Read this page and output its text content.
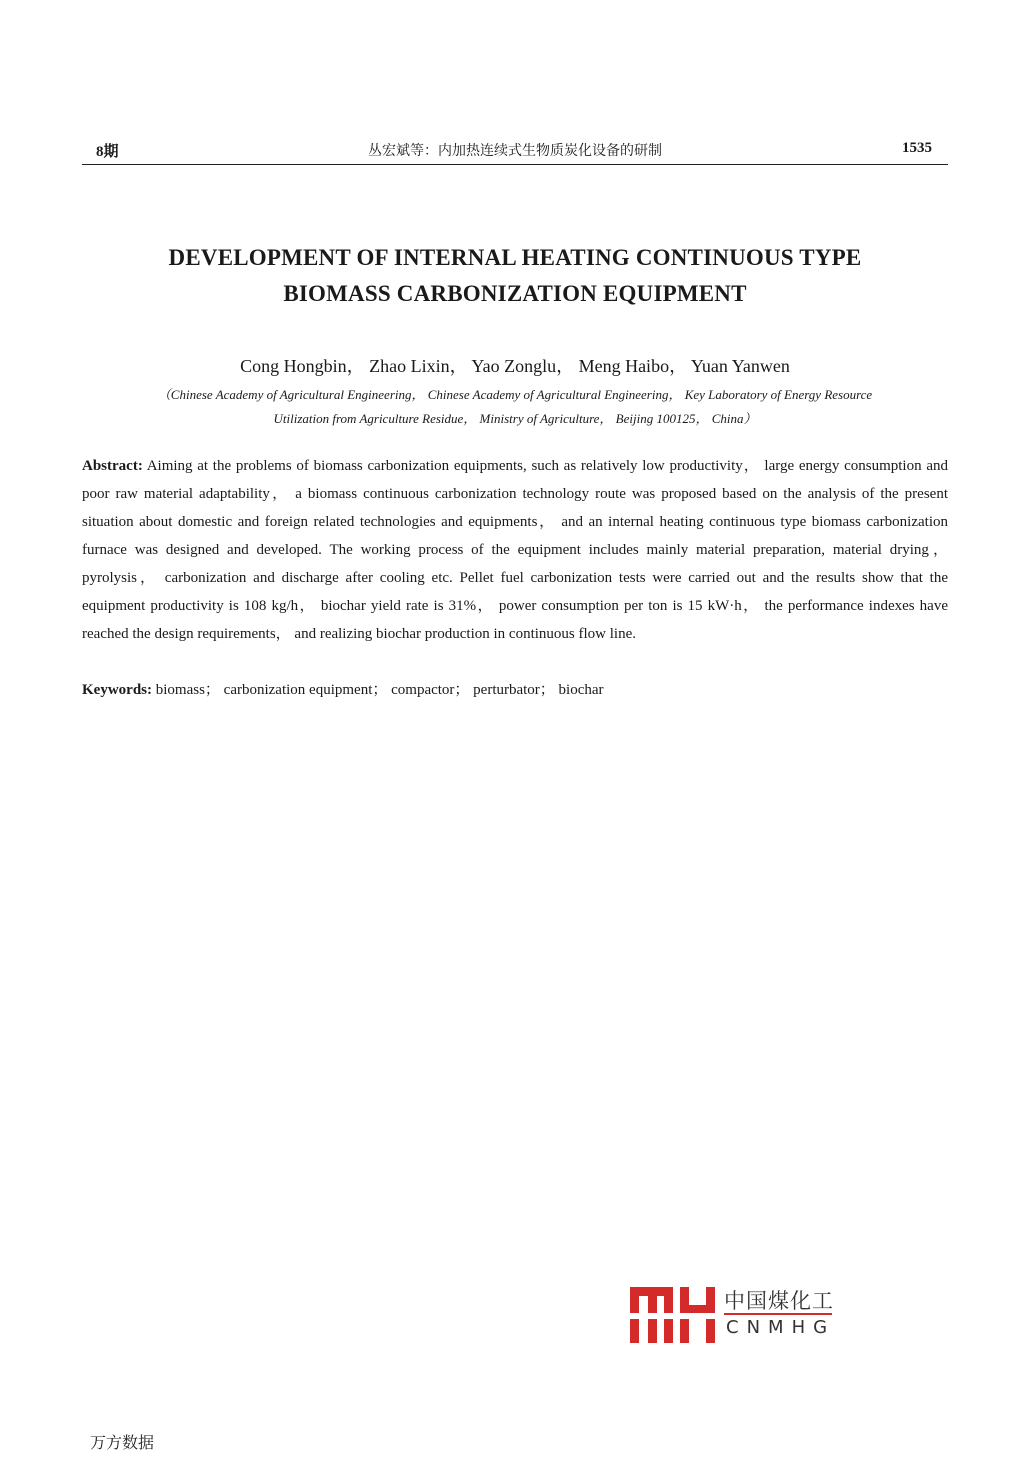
8期	丛宏斌等：内加热连续式生物质炭化设备的研制	1535
DEVELOPMENT OF INTERNAL HEATING CONTINUOUS TYPE
BIOMASS CARBONIZATION EQUIPMENT
Cong Hongbin， Zhao Lixin， Yao Zonglu， Meng Haibo， Yuan Yanwen
（Chinese Academy of Agricultural Engineering， Chinese Academy of Agricultural Engineering， Key Laboratory of Energy Resource
Utilization from Agriculture Residue， Ministry of Agriculture， Beijing 100125， China）
Abstract: Aiming at the problems of biomass carbonization equipments, such as relatively low productivity， large energy consumption and poor raw material adaptability， a biomass continuous carbonization technology route was proposed based on the analysis of the present situation about domestic and foreign related technologies and equipments， and an internal heating continuous type biomass carbonization furnace was designed and developed. The working process of the equipment includes mainly material preparation, material drying， pyrolysis， carbonization and discharge after cooling etc. Pellet fuel carbonization tests were carried out and the results show that the equipment productivity is 108 kg/h， biochar yield rate is 31%， power consumption per ton is 15 kW·h， the performance indexes have reached the design requirements， and realizing biochar production in continuous flow line.
Keywords: biomass； carbonization equipment； compactor； perturbator； biochar
中国煤化工
CNMHG
万方数据
